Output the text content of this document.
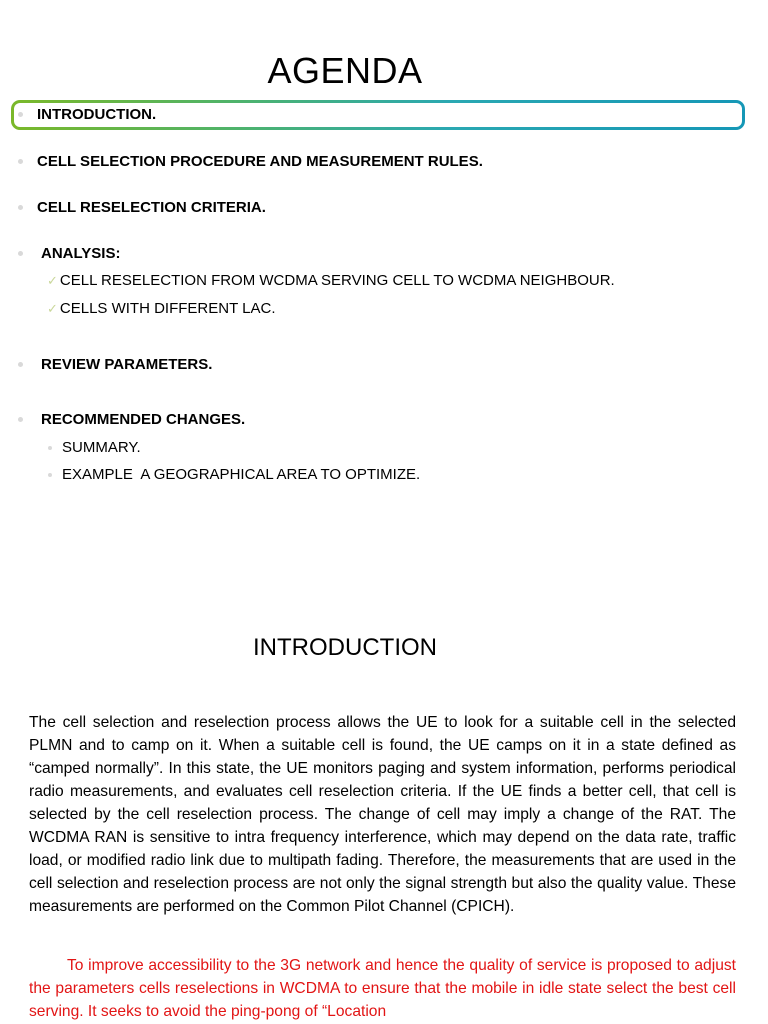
AGENDA
INTRODUCTION.
CELL SELECTION PROCEDURE AND MEASUREMENT RULES.
CELL RESELECTION CRITERIA.
ANALYSIS:
✓ CELL RESELECTION FROM WCDMA SERVING CELL TO WCDMA NEIGHBOUR.
✓ CELLS WITH DIFFERENT LAC.
REVIEW PARAMETERS.
RECOMMENDED CHANGES.
SUMMARY.
EXAMPLE  A GEOGRAPHICAL AREA TO OPTIMIZE.
INTRODUCTION
The cell selection and reselection process allows the UE to look for a suitable cell in the selected PLMN and to camp on it. When a suitable cell is found, the UE camps on it in a state defined as “camped normally”. In this state, the UE monitors paging and system information, performs periodical radio measurements, and evaluates cell reselection criteria. If the UE finds a better cell, that cell is selected by the cell reselection process. The change of cell may imply a change of the RAT. The WCDMA RAN is sensitive to intra frequency interference, which may depend on the data rate, traffic load, or modified radio link due to multipath fading. Therefore, the measurements that are used in the cell selection and reselection process are not only the signal strength but also the quality value. These measurements are performed on the Common Pilot Channel (CPICH).
To improve accessibility to the 3G network and hence the quality of service is proposed to adjust the parameters cells reselections in WCDMA to ensure that the mobile in idle state select the best cell serving. It seeks to avoid the ping-pong of “Location
